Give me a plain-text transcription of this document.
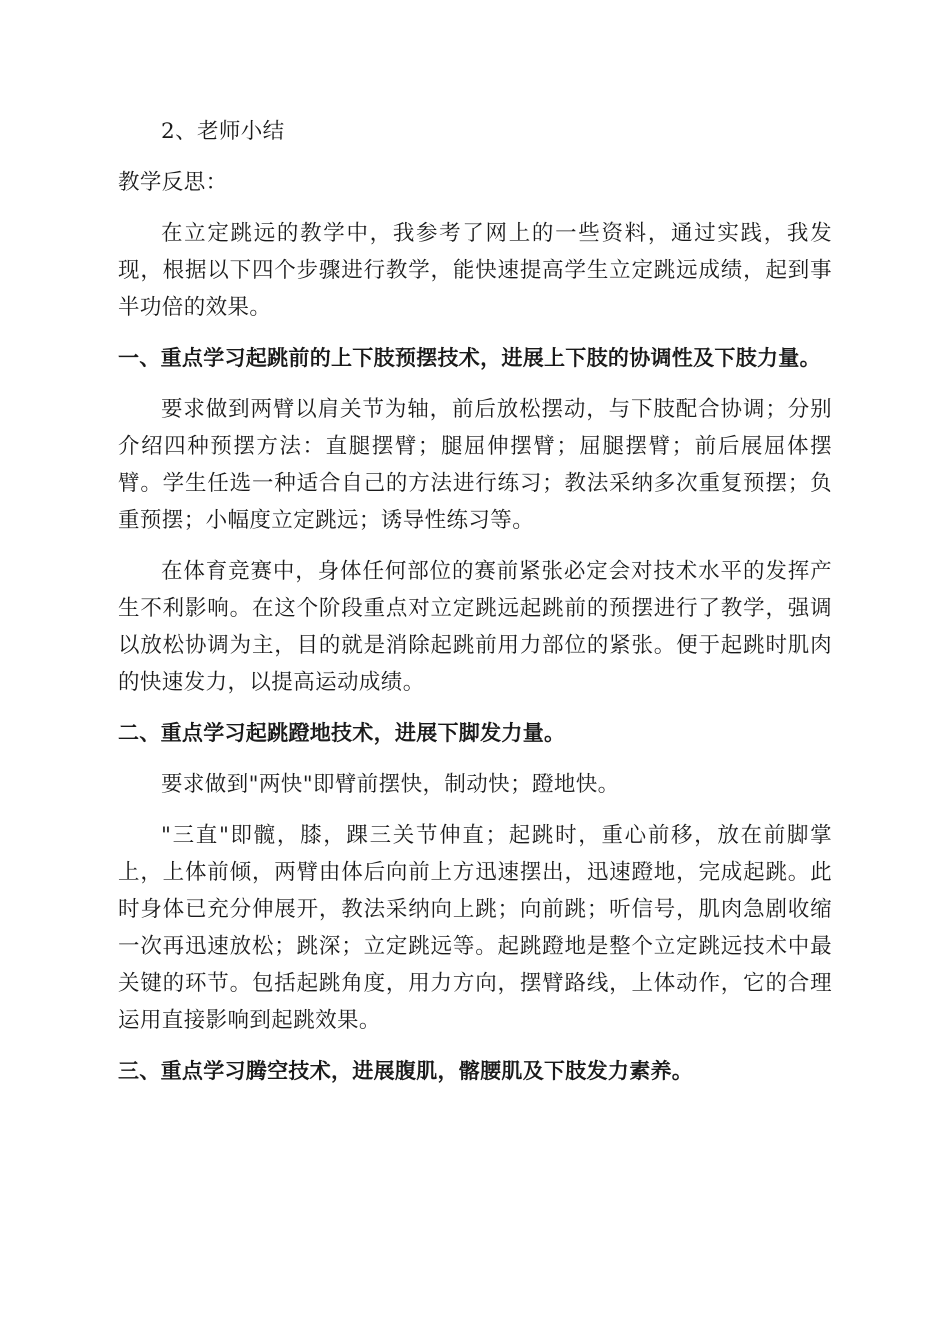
2、老师小结

教学反思：

在立定跳远的教学中，我参考了网上的一些资料，通过实践，我发现，根据以下四个步骤进行教学，能快速提高学生立定跳远成绩，起到事半功倍的效果。

一、重点学习起跳前的上下肢预摆技术，进展上下肢的协调性及下肢力量。

要求做到两臂以肩关节为轴，前后放松摆动，与下肢配合协调；分别介绍四种预摆方法：直腿摆臂；腿屈伸摆臂；屈腿摆臂；前后展屈体摆臂。学生任选一种适合自己的方法进行练习；教法采纳多次重复预摆；负重预摆；小幅度立定跳远；诱导性练习等。

在体育竞赛中，身体任何部位的赛前紧张必定会对技术水平的发挥产生不利影响。在这个阶段重点对立定跳远起跳前的预摆进行了教学，强调以放松协调为主，目的就是消除起跳前用力部位的紧张。便于起跳时肌肉的快速发力，以提高运动成绩。

二、重点学习起跳蹬地技术，进展下脚发力量。

要求做到"两快"即臂前摆快，制动快；蹬地快。

"三直"即髋，膝，踝三关节伸直；起跳时，重心前移，放在前脚掌上，上体前倾，两臂由体后向前上方迅速摆出，迅速蹬地，完成起跳。此时身体已充分伸展开，教法采纳向上跳；向前跳；听信号，肌肉急剧收缩一次再迅速放松；跳深；立定跳远等。起跳蹬地是整个立定跳远技术中最关键的环节。包括起跳角度，用力方向，摆臂路线，上体动作，它的合理运用直接影响到起跳效果。

三、重点学习腾空技术，进展腹肌，髂腰肌及下肢发力素养。
